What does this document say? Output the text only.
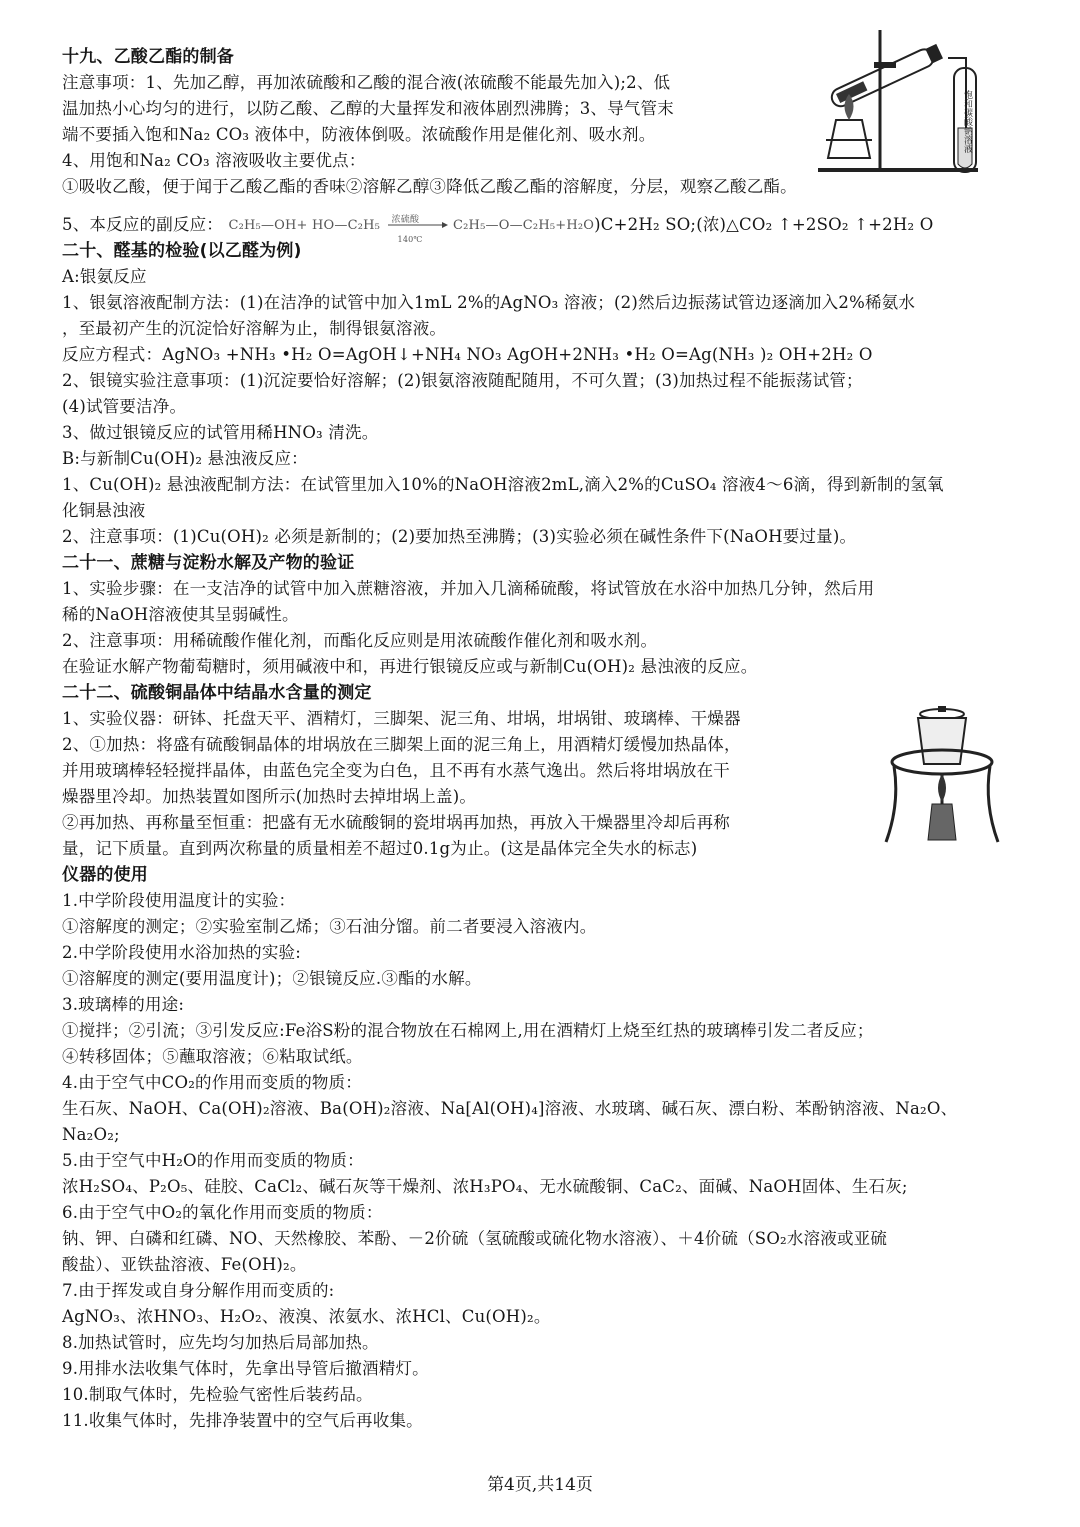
十九、乙酸乙酯的制备
注意事项：1、先加乙醇，再加浓硫酸和乙酸的混合液(浓硫酸不能最先加入);2、低
温加热小心均匀的进行，以防乙酸、乙醇的大量挥发和液体剧烈沸腾；3、导气管末
端不要插入饱和Na₂ CO₃ 液体中，防液体倒吸。浓硫酸作用是催化剂、吸水剂。
4、用饱和Na₂ CO₃ 溶液吸收主要优点：
①吸收乙酸，便于闻于乙酸乙酯的香味②溶解乙醇③降低乙酸乙酯的溶解度，分层，观察乙酸乙酯。
5、本反应的副反应： C₂H₅—OH+ HO—C₂H₅ 浓硫酸
140℃
C₂H₅—O—C₂H₅+H₂O)C+2H₂ SO;(浓)△CO₂ ↑+2SO₂ ↑+2H₂ O
饱和碳酸钠溶液
二十、醛基的检验(以乙醛为例)
A:银氨反应
1、银氨溶液配制方法：(1)在洁净的试管中加入1mL 2%的AgNO₃ 溶液；(2)然后边振荡试管边逐滴加入2%稀氨水
，至最初产生的沉淀恰好溶解为止，制得银氨溶液。
反应方程式：AgNO₃ +NH₃ •H₂ O=AgOH↓+NH₄ NO₃ AgOH+2NH₃ •H₂ O=Ag(NH₃ )₂ OH+2H₂ O
2、银镜实验注意事项：(1)沉淀要恰好溶解；(2)银氨溶液随配随用，不可久置；(3)加热过程不能振荡试管；
(4)试管要洁净。
3、做过银镜反应的试管用稀HNO₃ 清洗。
B:与新制Cu(OH)₂ 悬浊液反应：
1、Cu(OH)₂ 悬浊液配制方法：在试管里加入10%的NaOH溶液2mL,滴入2%的CuSO₄ 溶液4～6滴，得到新制的氢氧
化铜悬浊液
2、注意事项：(1)Cu(OH)₂ 必须是新制的；(2)要加热至沸腾；(3)实验必须在碱性条件下(NaOH要过量)。
二十一、蔗糖与淀粉水解及产物的验证
1、实验步骤：在一支洁净的试管中加入蔗糖溶液，并加入几滴稀硫酸，将试管放在水浴中加热几分钟，然后用
稀的NaOH溶液使其呈弱碱性。
2、注意事项：用稀硫酸作催化剂，而酯化反应则是用浓硫酸作催化剂和吸水剂。
在验证水解产物葡萄糖时，须用碱液中和，再进行银镜反应或与新制Cu(OH)₂ 悬浊液的反应。
二十二、硫酸铜晶体中结晶水含量的测定
1、实验仪器：研钵、托盘天平、酒精灯，三脚架、泥三角、坩埚，坩埚钳、玻璃棒、干燥器
2、①加热：将盛有硫酸铜晶体的坩埚放在三脚架上面的泥三角上，用酒精灯缓慢加热晶体，
并用玻璃棒轻轻搅拌晶体，由蓝色完全变为白色，且不再有水蒸气逸出。然后将坩埚放在干
燥器里冷却。加热装置如图所示(加热时去掉坩埚上盖)。
②再加热、再称量至恒重：把盛有无水硫酸铜的瓷坩埚再加热，再放入干燥器里冷却后再称
量，记下质量。直到两次称量的质量相差不超过0.1g为止。(这是晶体完全失水的标志)
仪器的使用
1.中学阶段使用温度计的实验：
①溶解度的测定；②实验室制乙烯；③石油分馏。前二者要浸入溶液内。
2.中学阶段使用水浴加热的实验:
①溶解度的测定(要用温度计)；②银镜反应.③酯的水解。
3.玻璃棒的用途:
①搅拌；②引流；③引发反应:Fe浴S粉的混合物放在石棉网上,用在酒精灯上烧至红热的玻璃棒引发二者反应；
④转移固体；⑤蘸取溶液；⑥粘取试纸。
4.由于空气中CO₂的作用而变质的物质：
生石灰、NaOH、Ca(OH)₂溶液、Ba(OH)₂溶液、Na[Al(OH)₄]溶液、水玻璃、碱石灰、漂白粉、苯酚钠溶液、Na₂O、
Na₂O₂;
5.由于空气中H₂O的作用而变质的物质：
浓H₂SO₄、P₂O₅、硅胶、CaCl₂、碱石灰等干燥剂、浓H₃PO₄、无水硫酸铜、CaC₂、面碱、NaOH固体、生石灰;
6.由于空气中O₂的氧化作用而变质的物质：
钠、钾、白磷和红磷、NO、天然橡胶、苯酚、－2价硫（氢硫酸或硫化物水溶液）、＋4价硫（SO₂水溶液或亚硫
酸盐）、亚铁盐溶液、Fe(OH)₂。
7.由于挥发或自身分解作用而变质的:
AgNO₃、浓HNO₃、H₂O₂、液溴、浓氨水、浓HCl、Cu(OH)₂。
8.加热试管时，应先均匀加热后局部加热。
9.用排水法收集气体时，先拿出导管后撤酒精灯。
10.制取气体时，先检验气密性后装药品。
11.收集气体时，先排净装置中的空气后再收集。
第4页,共14页
